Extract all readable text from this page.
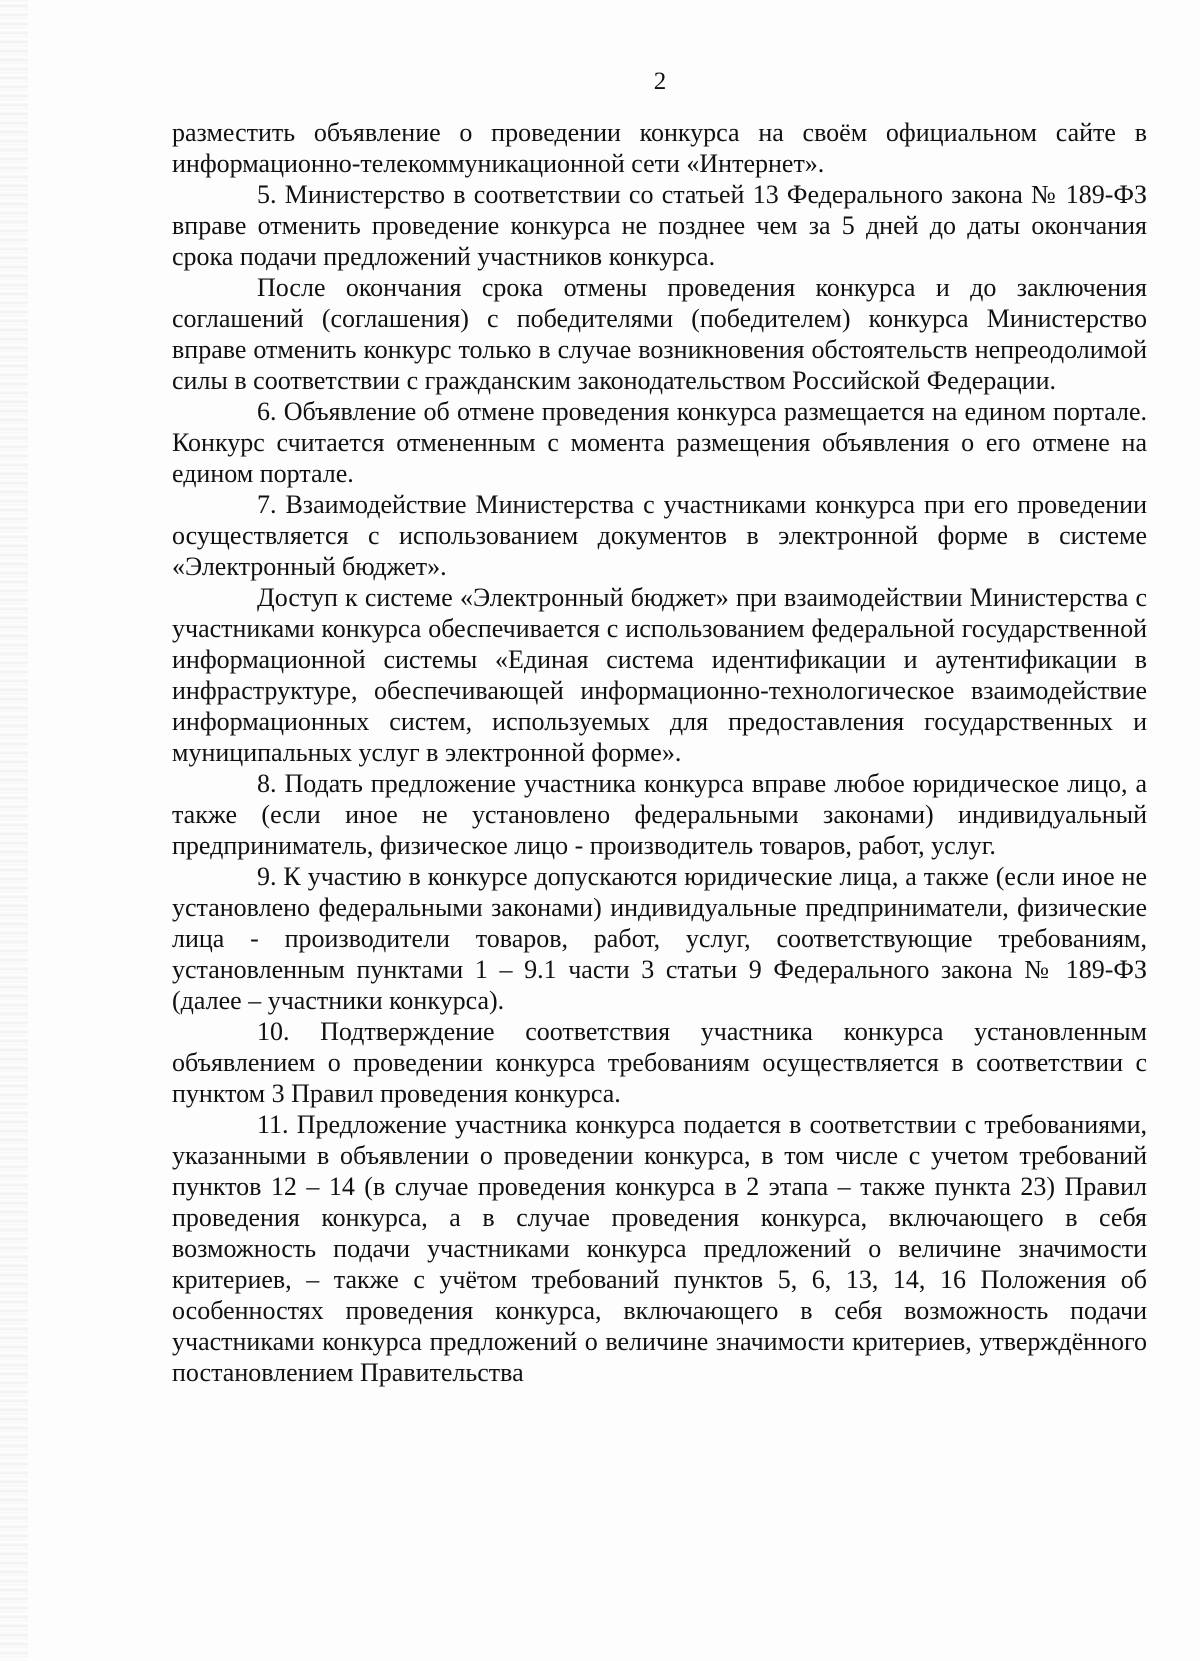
2

разместить объявление о проведении конкурса на своём официальном сайте в информационно-телекоммуникационной сети «Интернет».

5. Министерство в соответствии со статьей 13 Федерального закона № 189-ФЗ вправе отменить проведение конкурса не позднее чем за 5 дней до даты окончания срока подачи предложений участников конкурса.

После окончания срока отмены проведения конкурса и до заключения соглашений (соглашения) с победителями (победителем) конкурса Министерство вправе отменить конкурс только в случае возникновения обстоятельств непреодолимой силы в соответствии с гражданским законодательством Российской Федерации.

6. Объявление об отмене проведения конкурса размещается на едином портале. Конкурс считается отмененным с момента размещения объявления о его отмене на едином портале.

7. Взаимодействие Министерства с участниками конкурса при его проведении осуществляется с использованием документов в электронной форме в системе «Электронный бюджет».

Доступ к системе «Электронный бюджет» при взаимодействии Министерства с участниками конкурса обеспечивается с использованием федеральной государственной информационной системы «Единая система идентификации и аутентификации в инфраструктуре, обеспечивающей информационно-технологическое взаимодействие информационных систем, используемых для предоставления государственных и муниципальных услуг в электронной форме».

8. Подать предложение участника конкурса вправе любое юридическое лицо, а также (если иное не установлено федеральными законами) индивидуальный предприниматель, физическое лицо - производитель товаров, работ, услуг.

9. К участию в конкурсе допускаются юридические лица, а также (если иное не установлено федеральными законами) индивидуальные предприниматели, физические лица - производители товаров, работ, услуг, соответствующие требованиям, установленным пунктами 1 – 9.1 части 3 статьи 9 Федерального закона № 189-ФЗ (далее – участники конкурса).

10. Подтверждение соответствия участника конкурса установленным объявлением о проведении конкурса требованиям осуществляется в соответствии с пунктом 3 Правил проведения конкурса.

11. Предложение участника конкурса подается в соответствии с требованиями, указанными в объявлении о проведении конкурса, в том числе с учетом требований пунктов 12 – 14 (в случае проведения конкурса в 2 этапа – также пункта 23) Правил проведения конкурса, а в случае проведения конкурса, включающего в себя возможность подачи участниками конкурса предложений о величине значимости критериев, – также с учётом требований пунктов 5, 6, 13, 14, 16 Положения об особенностях проведения конкурса, включающего в себя возможность подачи участниками конкурса предложений о величине значимости критериев, утверждённого постановлением Правительства
